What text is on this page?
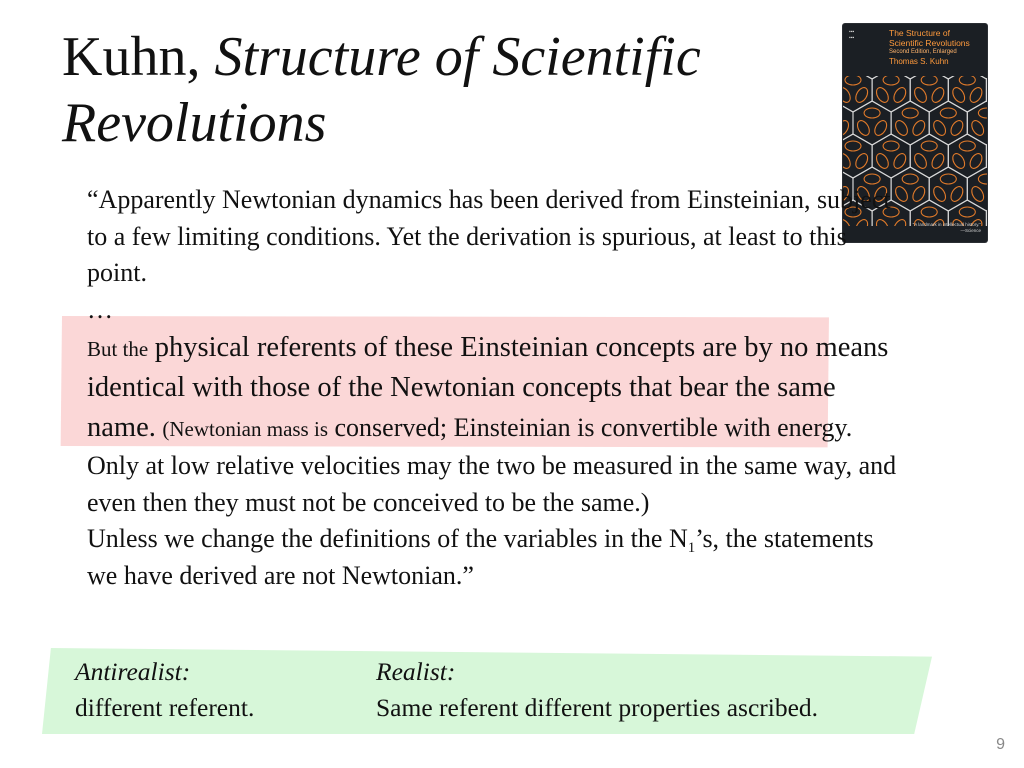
Kuhn, Structure of Scientific Revolutions
▪▪▪
▪▪▪	The Structure of
Scientific Revolutions
Second Edition, Enlarged
Thomas S. Kuhn
"A landmark in intellectual history."
—Science

“Apparently Newtonian dynamics has been derived from Einsteinian, subject to a few limiting conditions. Yet the derivation is spurious, at least to this point.

…

But the physical referents of these Einsteinian concepts are by no means identical with those of the Newtonian concepts that bear the same name. (Newtonian mass is conserved; Einsteinian is convertible with energy. Only at low relative velocities may the two be measured in the same way, and even then they must not be conceived to be the same.)
Unless we change the definitions of the variables in the $N_1’s$, the statements we have derived are not Newtonian.”

Antirealist:
different referent.
Realist:
Same referent different properties ascribed.
9
